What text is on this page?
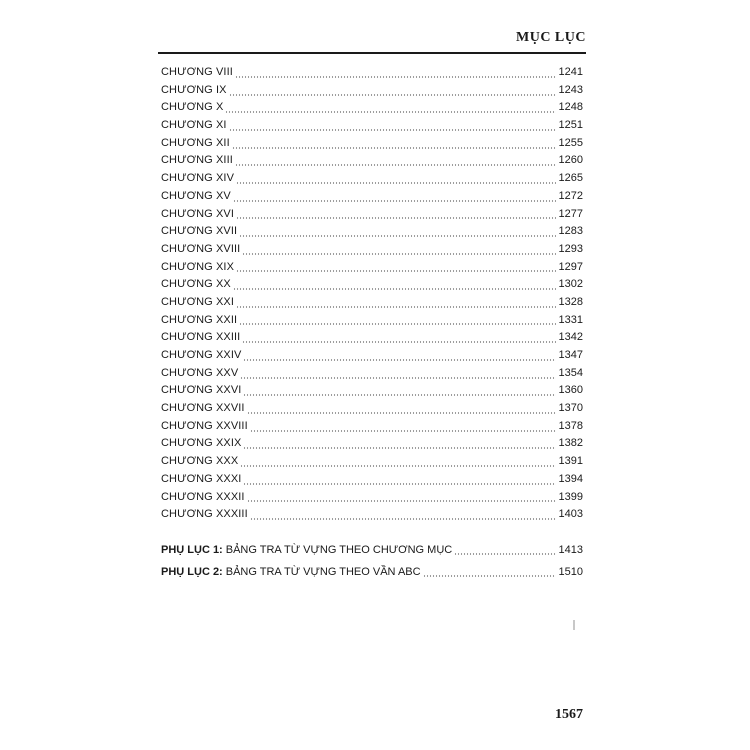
MỤC LỤC
CHƯƠNG VIII	1241
CHƯƠNG IX	1243
CHƯƠNG X	1248
CHƯƠNG XI	1251
CHƯƠNG XII	1255
CHƯƠNG XIII	1260
CHƯƠNG XIV	1265
CHƯƠNG XV	1272
CHƯƠNG XVI	1277
CHƯƠNG XVII	1283
CHƯƠNG XVIII	1293
CHƯƠNG XIX	1297
CHƯƠNG XX	1302
CHƯƠNG XXI	1328
CHƯƠNG XXII	1331
CHƯƠNG XXIII	1342
CHƯƠNG XXIV	1347
CHƯƠNG XXV	1354
CHƯƠNG XXVI	1360
CHƯƠNG XXVII	1370
CHƯƠNG XXVIII	1378
CHƯƠNG XXIX	1382
CHƯƠNG XXX	1391
CHƯƠNG XXXI	1394
CHƯƠNG XXXII	1399
CHƯƠNG XXXIII	1403
PHỤ LỤC 1: BẢNG TRA TỪ VỰNG THEO CHƯƠNG MỤC	1413
PHỤ LỤC 2: BẢNG TRA TỪ VỰNG THEO VẦN ABC	1510
1567
